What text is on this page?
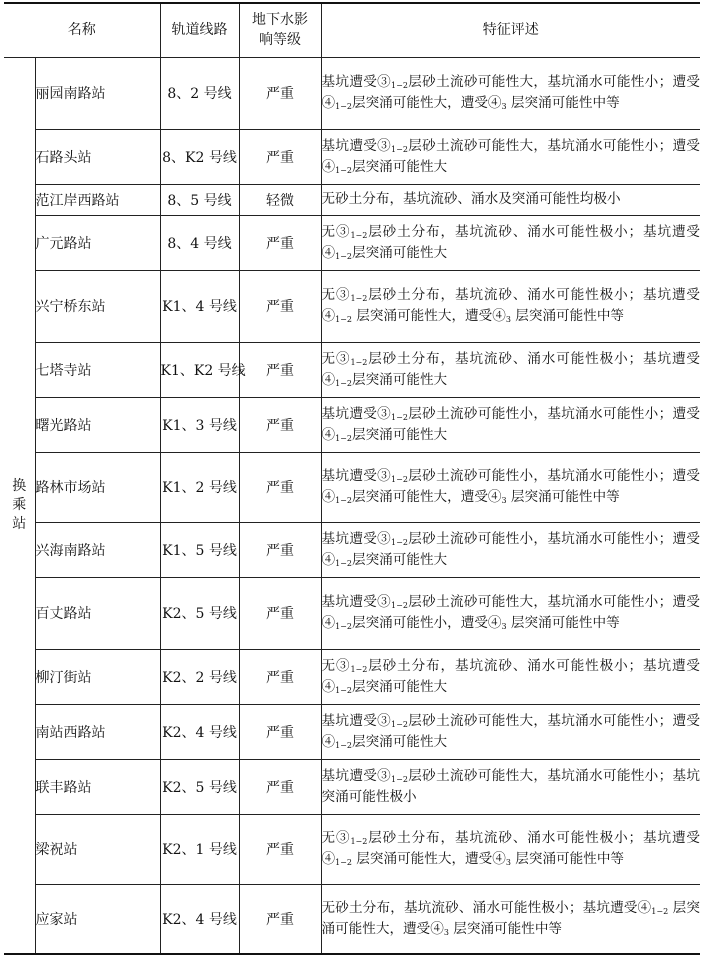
名称		轨道线路	地下水影响等级	特征评述

换乘站	丽园南路站	8、2 号线	严重	基坑遭受$③_{1-2}$层砂土流砂可能性大，基坑涌水可能性小；遭受$④_{1-2}$层突涌可能性大，遭受$④_3$ 层突涌可能性中等
	石路头站	8、K2 号线	严重	基坑遭受$③_{1-2}$层砂土流砂可能性大，基坑涌水可能性小；遭受$④_{1-2}$层突涌可能性大
	范江岸西路站	8、5 号线	轻微	无砂土分布，基坑流砂、涌水及突涌可能性均极小
	广元路站	8、4 号线	严重	无$③_{1-2}$层砂土分布，基坑流砂、涌水可能性极小；基坑遭受$④_{1-2}$层突涌可能性大
	兴宁桥东站	K1、4 号线	严重	无$③_{1-2}$层砂土分布，基坑流砂、涌水可能性极小；基坑遭受$④_{1-2}$ 层突涌可能性大，遭受$④_3$ 层突涌可能性中等
	七塔寺站	K1、K2 号线	严重	无$③_{1-2}$层砂土分布，基坑流砂、涌水可能性极小；基坑遭受$④_{1-2}$层突涌可能性大
	曙光路站	K1、3 号线	严重	基坑遭受$③_{1-2}$层砂土流砂可能性小，基坑涌水可能性小；遭受$④_{1-2}$层突涌可能性大
	路林市场站	K1、2 号线	严重	基坑遭受$③_{1-2}$层砂土流砂可能性小，基坑涌水可能性小；遭受$④_{1-2}$层突涌可能性大，遭受$④_3$ 层突涌可能性中等
	兴海南路站	K1、5 号线	严重	基坑遭受$③_{1-2}$层砂土流砂可能性小，基坑涌水可能性小；遭受$④_{1-2}$层突涌可能性大
	百丈路站	K2、5 号线	严重	基坑遭受$③_{1-2}$层砂土流砂可能性大，基坑涌水可能性小；遭受$④_{1-2}$层突涌可能性小，遭受$④_3$ 层突涌可能性中等
	柳汀街站	K2、2 号线	严重	无$③_{1-2}$层砂土分布，基坑流砂、涌水可能性极小；基坑遭受$④_{1-2}$层突涌可能性大
	南站西路站	K2、4 号线	严重	基坑遭受$③_{1-2}$层砂土流砂可能性大，基坑涌水可能性小；遭受$④_{1-2}$层突涌可能性大
	联丰路站	K2、5 号线	严重	基坑遭受$③_{1-2}$层砂土流砂可能性大，基坑涌水可能性小；基坑突涌可能性极小
	梁祝站	K2、1 号线	严重	无$③_{1-2}$层砂土分布，基坑流砂、涌水可能性极小；基坑遭受$④_{1-2}$ 层突涌可能性大，遭受$④_3$ 层突涌可能性中等
	应家站	K2、4 号线	严重	无砂土分布，基坑流砂、涌水可能性极小；基坑遭受$④_{1-2}$ 层突涌可能性大，遭受$④_3$ 层突涌可能性中等
